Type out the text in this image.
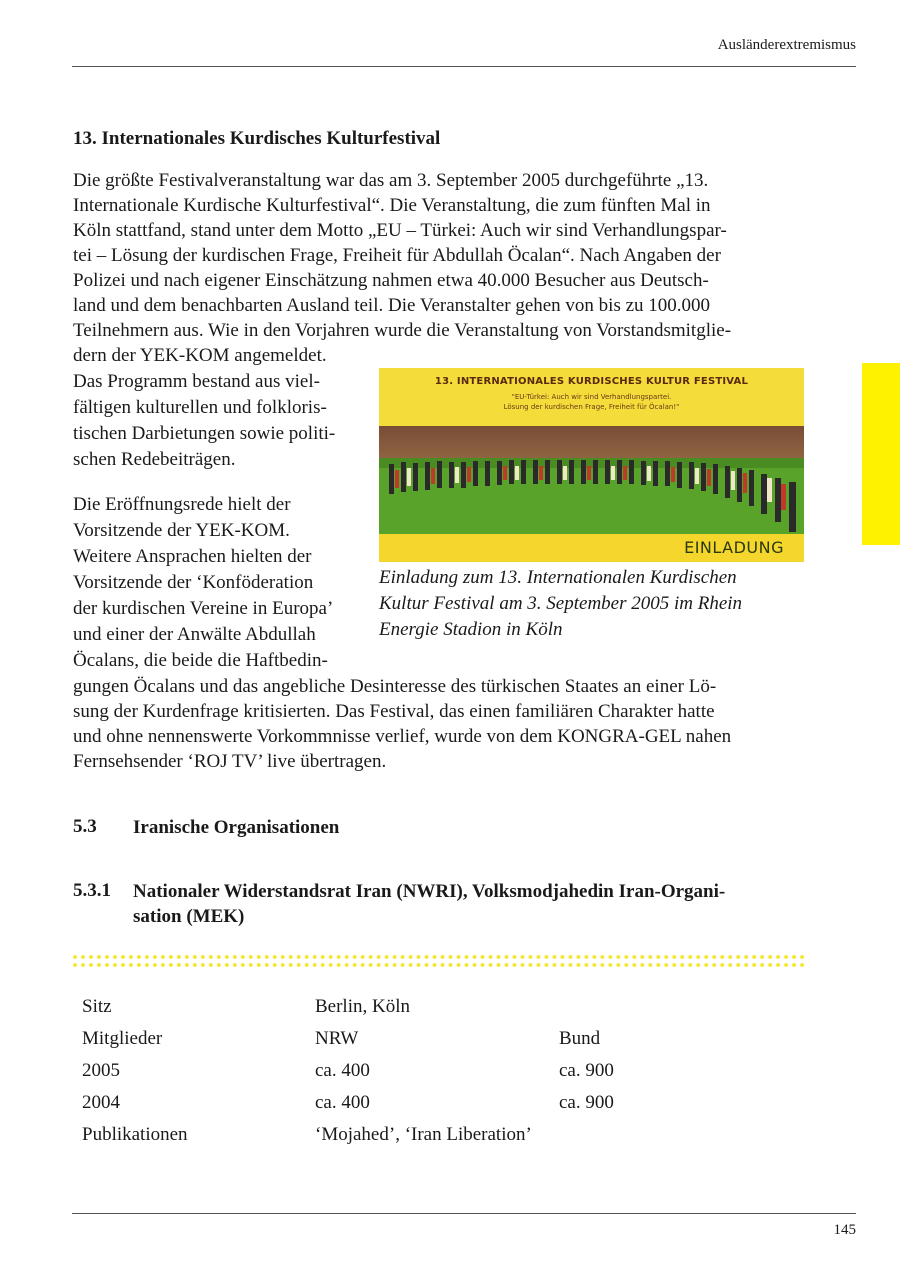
Ausländerextremismus
13. Internationales Kurdisches Kulturfestival
Die größte Festivalveranstaltung war das am 3. September 2005 durchgeführte „13.
Internationale Kurdische Kulturfestival“. Die Veranstaltung, die zum fünften Mal in
Köln stattfand, stand unter dem Motto „EU – Türkei: Auch wir sind Verhandlungspar-
tei – Lösung der kurdischen Frage, Freiheit für Abdullah Öcalan“. Nach Angaben der
Polizei und nach eigener Einschätzung nahmen etwa 40.000 Besucher aus Deutsch-
land und dem benachbarten Ausland teil. Die Veranstalter gehen von bis zu 100.000
Teilnehmern aus. Wie in den Vorjahren wurde die Veranstaltung von Vorstandsmitglie-
dern der YEK-KOM angemeldet.
Das Programm bestand aus viel-
fältigen kulturellen und folkloris-
tischen Darbietungen sowie politi-
schen Redebeiträgen.
Die Eröffnungsrede hielt der
Vorsitzende der YEK-KOM.
Weitere Ansprachen hielten der
Vorsitzende der ‘Konföderation
der kurdischen Vereine in Europa’
und einer der Anwälte Abdullah
Öcalans, die beide die Haftbedin-
gungen Öcalans und das angebliche Desinteresse des türkischen Staates an einer Lö-
sung der Kurdenfrage kritisierten. Das Festival, das einen familiären Charakter hatte
und ohne nennenswerte Vorkommnisse verlief, wurde von dem KONGRA-GEL nahen
Fernsehsender ‘ROJ TV’ live übertragen.
13. INTERNATIONALES KURDISCHES KULTUR FESTIVAL
"EU-Türkei: Auch wir sind Verhandlungspartei.
Lösung der kurdischen Frage, Freiheit für Öcalan!"
EINLADUNG
Einladung zum 13. Internationalen Kurdischen
Kultur Festival am 3. September 2005 im Rhein
Energie Stadion in Köln
5.3 Iranische Organisationen
5.3.1 Nationaler Widerstandsrat Iran (NWRI), Volksmodjahedin Iran-Organi-
sation (MEK)
Sitz	Berlin, Köln
Mitglieder	NRW	Bund
2005	ca. 400	ca. 900
2004	ca. 400	ca. 900
Publikationen	‘Mojahed’, ‘Iran Liberation’
145
